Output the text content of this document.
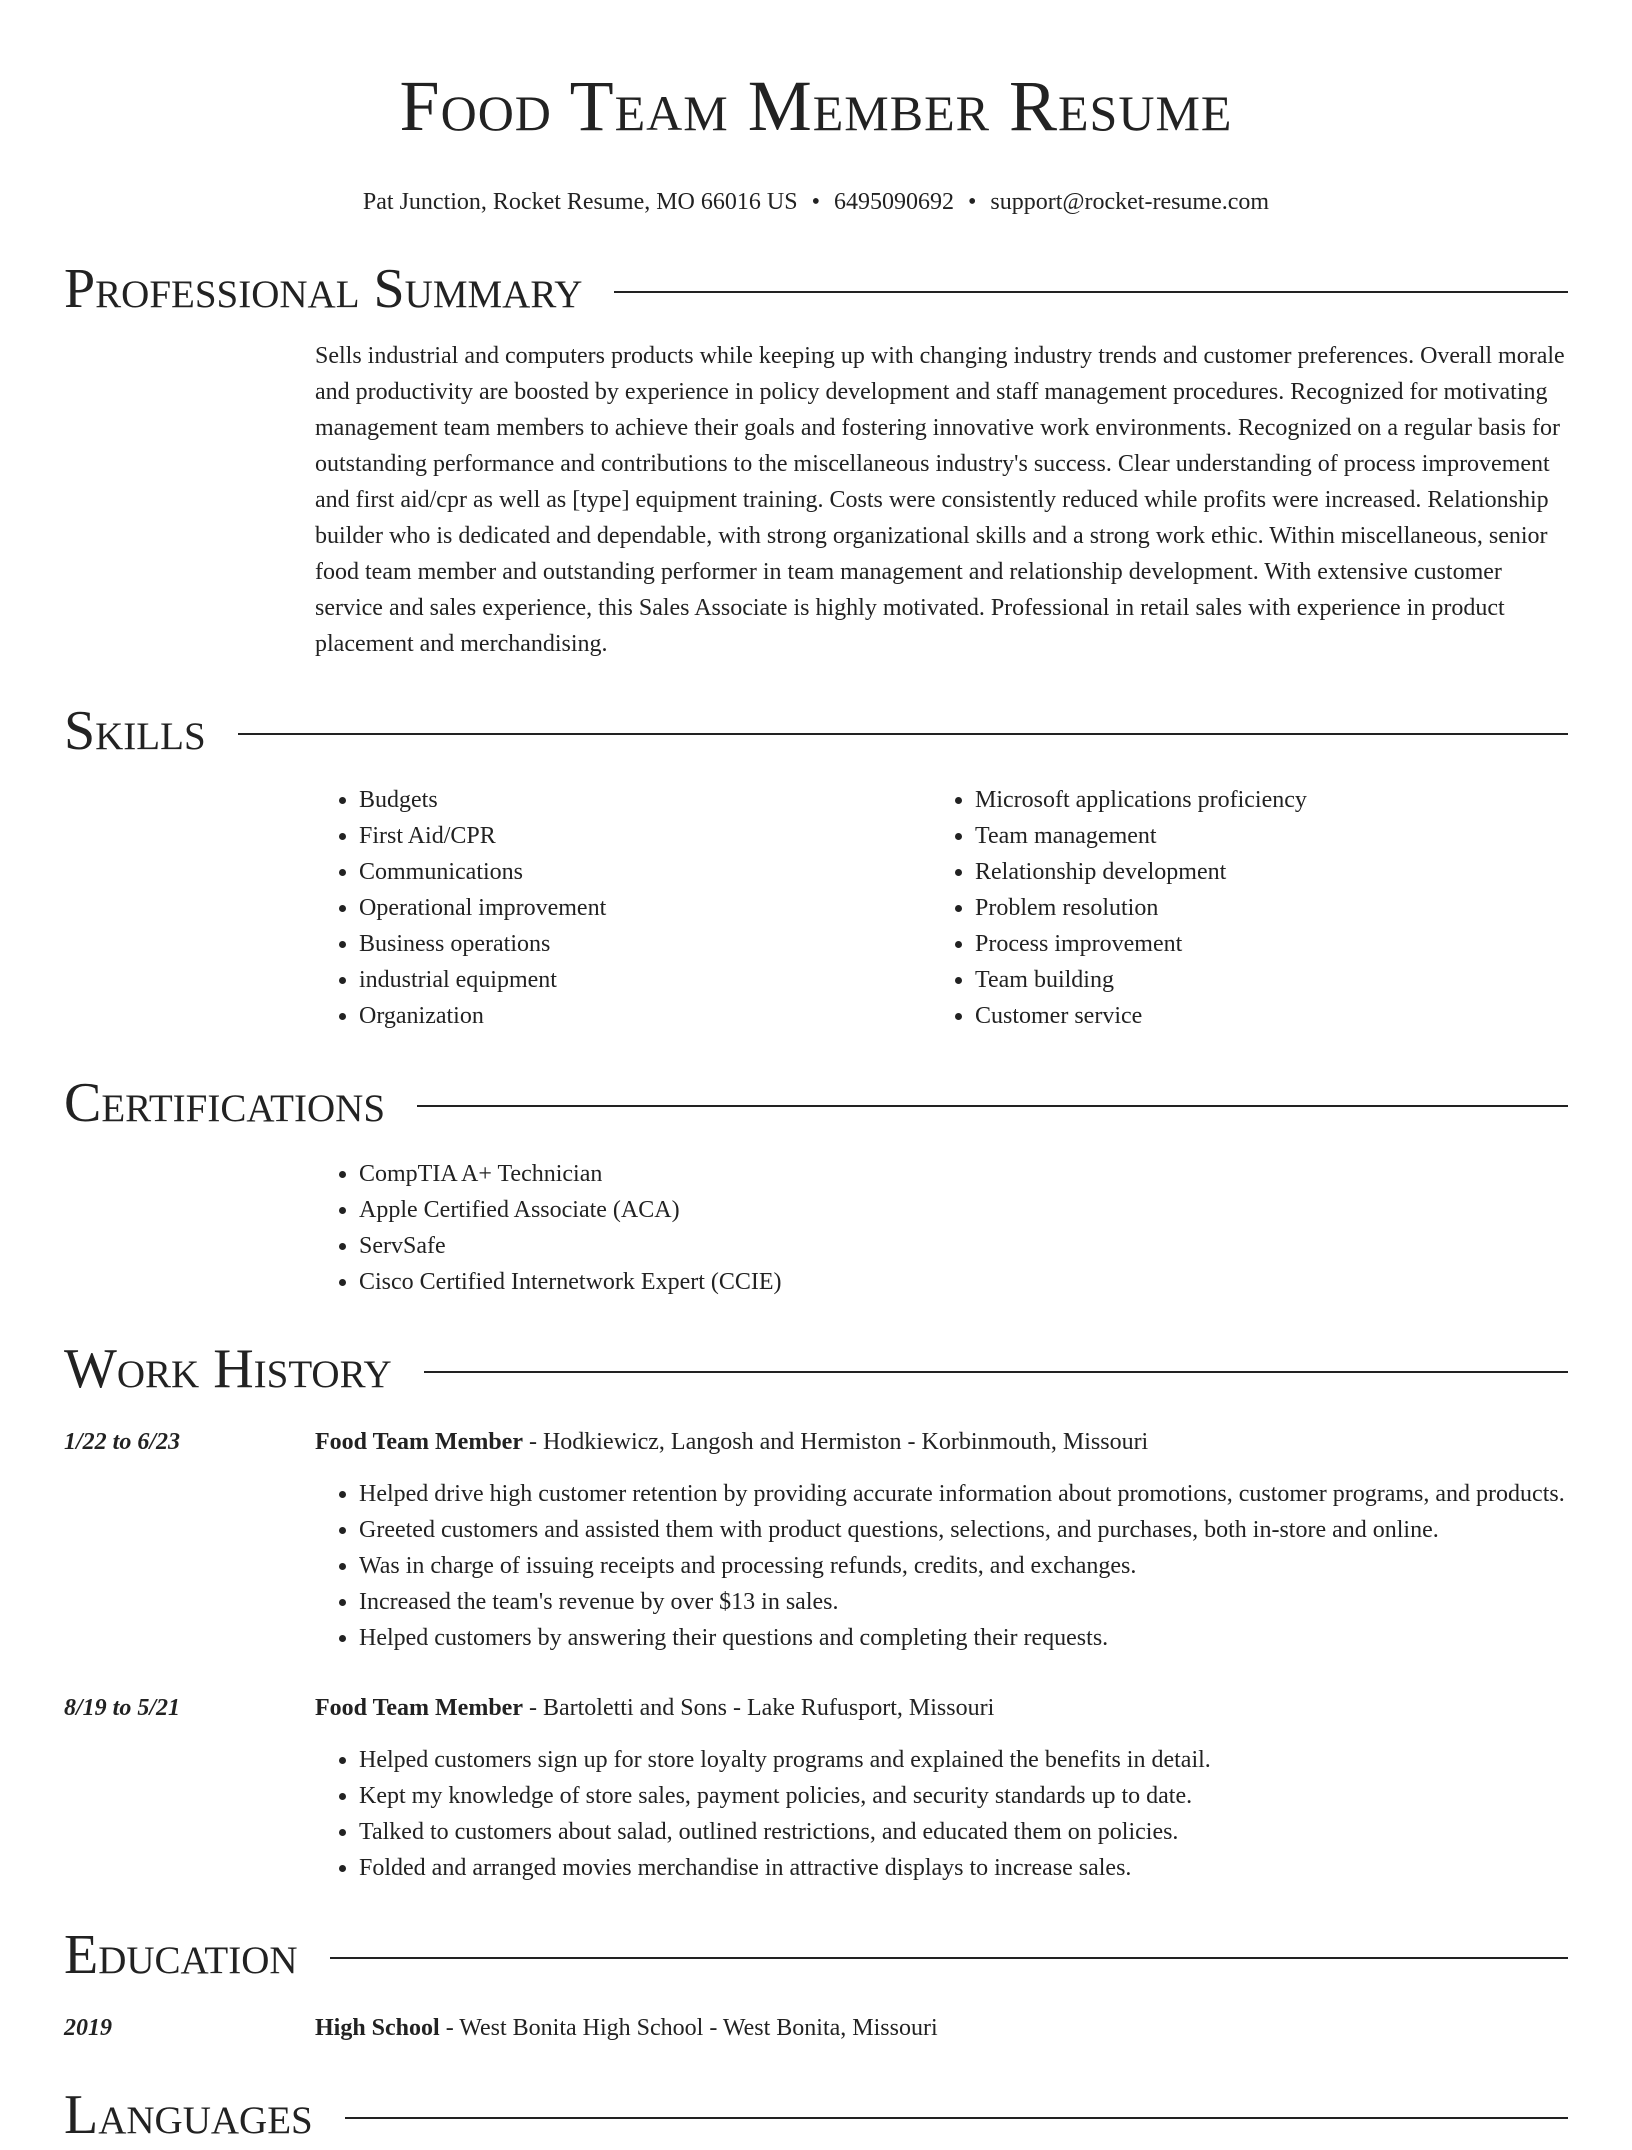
Food Team Member Resume
Pat Junction, Rocket Resume, MO 66016 US • 6495090692 • support@rocket-resume.com
Professional Summary
Sells industrial and computers products while keeping up with changing industry trends and customer preferences. Overall morale and productivity are boosted by experience in policy development and staff management procedures. Recognized for motivating management team members to achieve their goals and fostering innovative work environments. Recognized on a regular basis for outstanding performance and contributions to the miscellaneous industry's success. Clear understanding of process improvement and first aid/cpr as well as [type] equipment training. Costs were consistently reduced while profits were increased. Relationship builder who is dedicated and dependable, with strong organizational skills and a strong work ethic. Within miscellaneous, senior food team member and outstanding performer in team management and relationship development. With extensive customer service and sales experience, this Sales Associate is highly motivated. Professional in retail sales with experience in product placement and merchandising.
Skills
• Budgets
• First Aid/CPR
• Communications
• Operational improvement
• Business operations
• industrial equipment
• Organization
• Microsoft applications proficiency
• Team management
• Relationship development
• Problem resolution
• Process improvement
• Team building
• Customer service
Certifications
• CompTIA A+ Technician
• Apple Certified Associate (ACA)
• ServSafe
• Cisco Certified Internetwork Expert (CCIE)
Work History
1/22 to 6/23	Food Team Member - Hodkiewicz, Langosh and Hermiston - Korbinmouth, Missouri
• Helped drive high customer retention by providing accurate information about promotions, customer programs, and products.
• Greeted customers and assisted them with product questions, selections, and purchases, both in-store and online.
• Was in charge of issuing receipts and processing refunds, credits, and exchanges.
• Increased the team's revenue by over $13 in sales.
• Helped customers by answering their questions and completing their requests.
8/19 to 5/21	Food Team Member - Bartoletti and Sons - Lake Rufusport, Missouri
• Helped customers sign up for store loyalty programs and explained the benefits in detail.
• Kept my knowledge of store sales, payment policies, and security standards up to date.
• Talked to customers about salad, outlined restrictions, and educated them on policies.
• Folded and arranged movies merchandise in attractive displays to increase sales.
Education
2019	High School - West Bonita High School - West Bonita, Missouri
Languages
